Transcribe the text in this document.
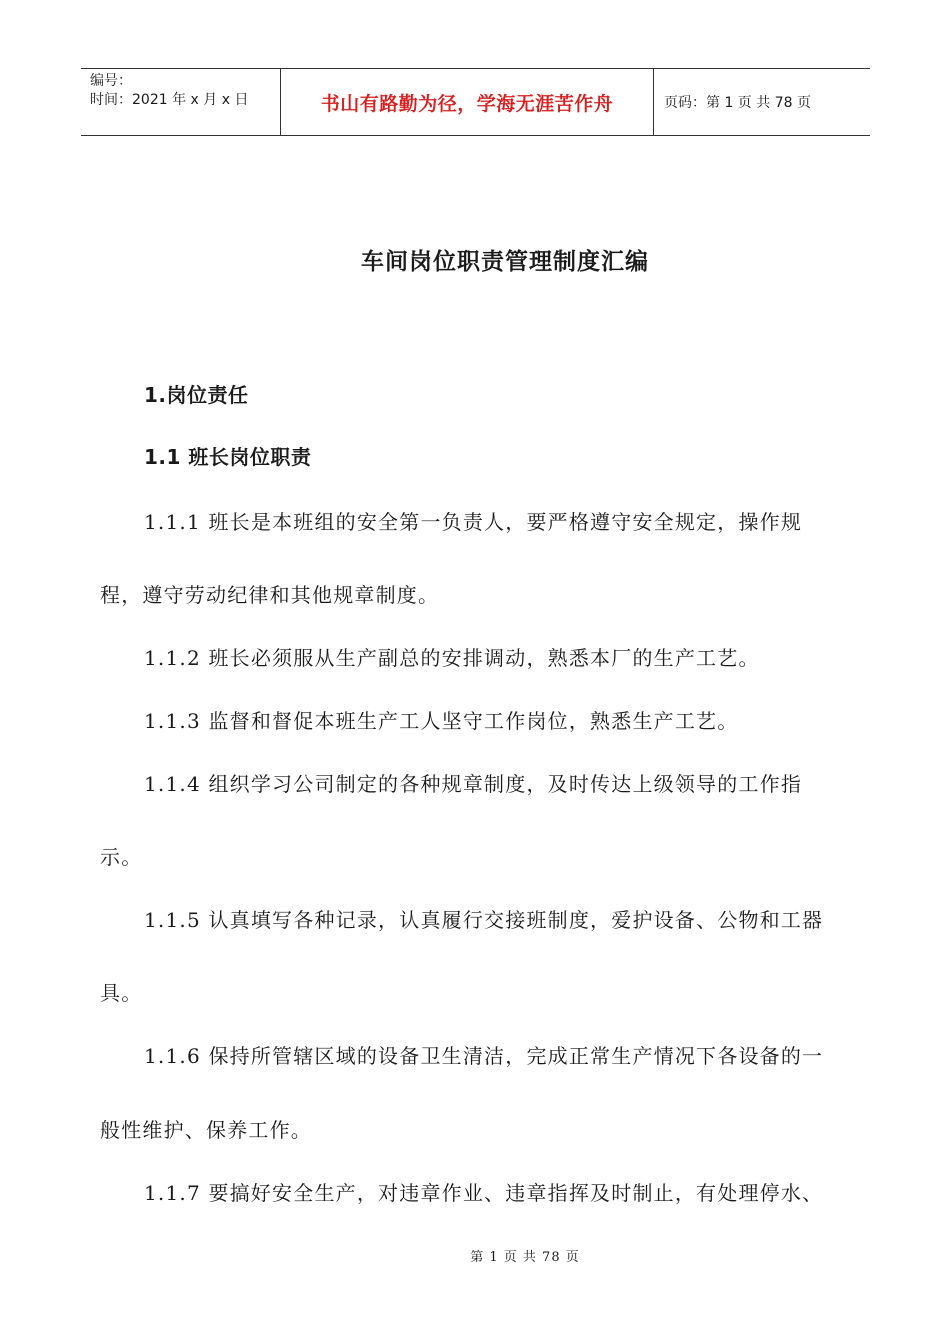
编号：
时间：2021 年 x 月 x 日	书山有路勤为径，学海无涯苦作舟	页码：第 1 页 共 78 页
车间岗位职责管理制度汇编
1.岗位责任
1.1 班长岗位职责
1.1.1 班长是本班组的安全第一负责人，要严格遵守安全规定，操作规
程，遵守劳动纪律和其他规章制度。
1.1.2 班长必须服从生产副总的安排调动，熟悉本厂的生产工艺。
1.1.3 监督和督促本班生产工人坚守工作岗位，熟悉生产工艺。
1.1.4 组织学习公司制定的各种规章制度，及时传达上级领导的工作指
示。
1.1.5 认真填写各种记录，认真履行交接班制度，爱护设备、公物和工器
具。
1.1.6 保持所管辖区域的设备卫生清洁，完成正常生产情况下各设备的一
般性维护、保养工作。
1.1.7 要搞好安全生产，对违章作业、违章指挥及时制止，有处理停水、
第 1 页 共 78 页
